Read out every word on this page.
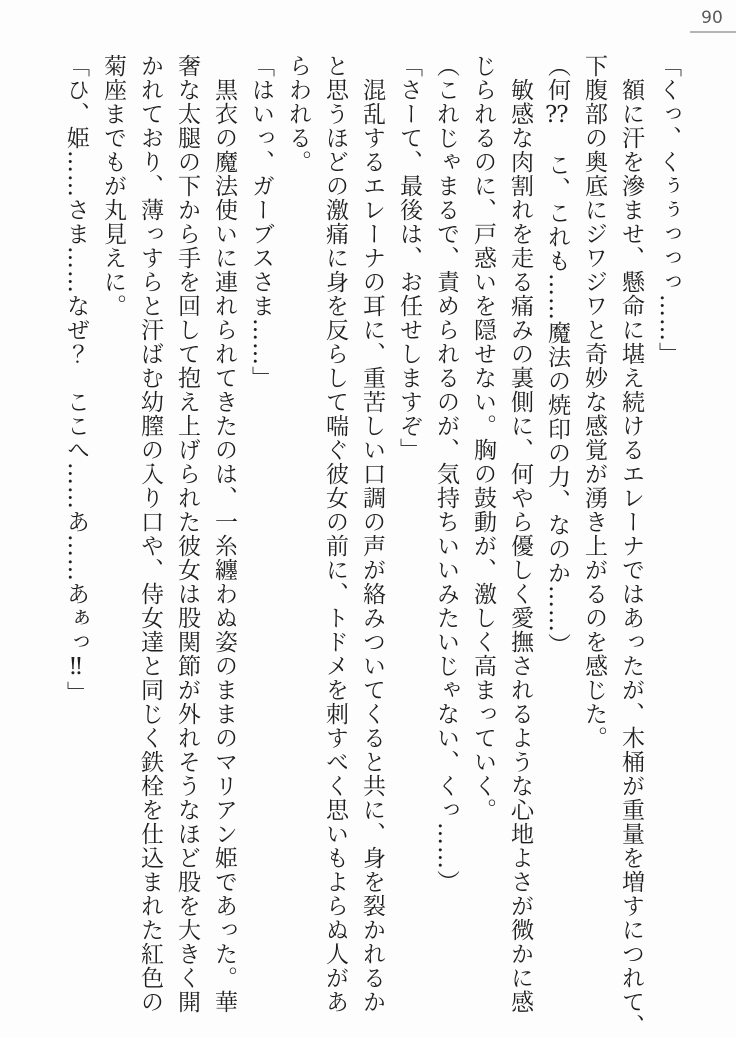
90
「くっ、くぅぅっっっ……」
　額に汗を滲ませ、懸命に堪え続けるエレーナではあったが、木桶が重量を増すにつれて、
下腹部の奥底にジワジワと奇妙な感覚が湧き上がるのを感じた。
（何⁇　こ、これも……魔法の焼印の力、なのか……）
　敏感な肉割れを走る痛みの裏側に、何やら優しく愛撫されるような心地よさが微かに感
じられるのに、戸惑いを隠せない。胸の鼓動が、激しく高まっていく。
（これじゃまるで、責められるのが、気持ちいいみたいじゃない、くっ……）
「さーて、最後は、お任せしますぞ」
　混乱するエレーナの耳に、重苦しい口調の声が絡みついてくると共に、身を裂かれるか
と思うほどの激痛に身を反らして喘ぐ彼女の前に、トドメを刺すべく思いもよらぬ人があ
らわれる。
「はいっ、ガーブスさま……」
　黒衣の魔法使いに連れられてきたのは、一糸纏わぬ姿のままのマリアン姫であった。華
奢な太腿の下から手を回して抱え上げられた彼女は股関節が外れそうなほど股を大きく開
かれており、薄っすらと汗ばむ幼膣の入り口や、侍女達と同じく鉄栓を仕込まれた紅色の
菊座までもが丸見えに。
「ひ、姫……さま……なぜ？　ここへ……あ……あぁっ‼」
